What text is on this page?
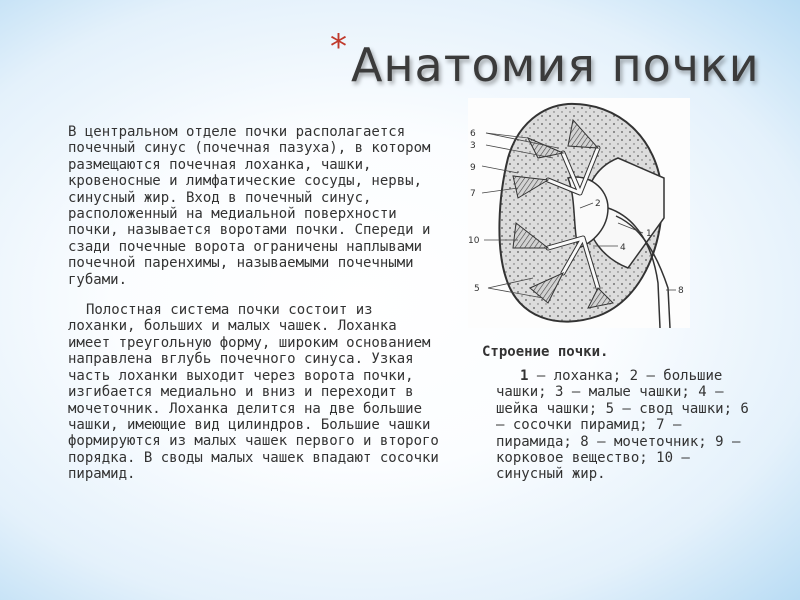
* Анатомия почки

В центральном отделе почки располагается почечный синус (почечная пазуха), в котором размещаются почечная лоханка, чашки, кровеносные и лимфатические сосуды, нервы, синусный жир. Вход в почечный синус, расположенный на медиальной поверхности почки, называется воротами почки. Спереди и сзади почечные ворота ограничены наплывами почечной паренхимы, называемыми почечными губами.

Полостная система почки состоит из лоханки, больших и малых чашек. Лоханка имеет треугольную форму, широким основанием направлена вглубь почечного синуса. Узкая часть лоханки выходит через ворота почки, изгибается медиально и вниз и переходит в мочеточник. Лоханка делится на две большие чашки, имеющие вид цилиндров. Большие чашки формируются из малых чашек первого и второго порядка. В своды малых чашек впадают сосочки пирамид.

6
3
9
7
2
10
5
4
1
8
Строение почки.
1 — лоханка; 2 — большие чашки; 3 — малые чашки; 4 — шейка чашки; 5 — свод чашки; 6 — сосочки пирамид; 7 — пирамида; 8 — мочеточник; 9 — корковое вещество; 10 — синусный жир.
